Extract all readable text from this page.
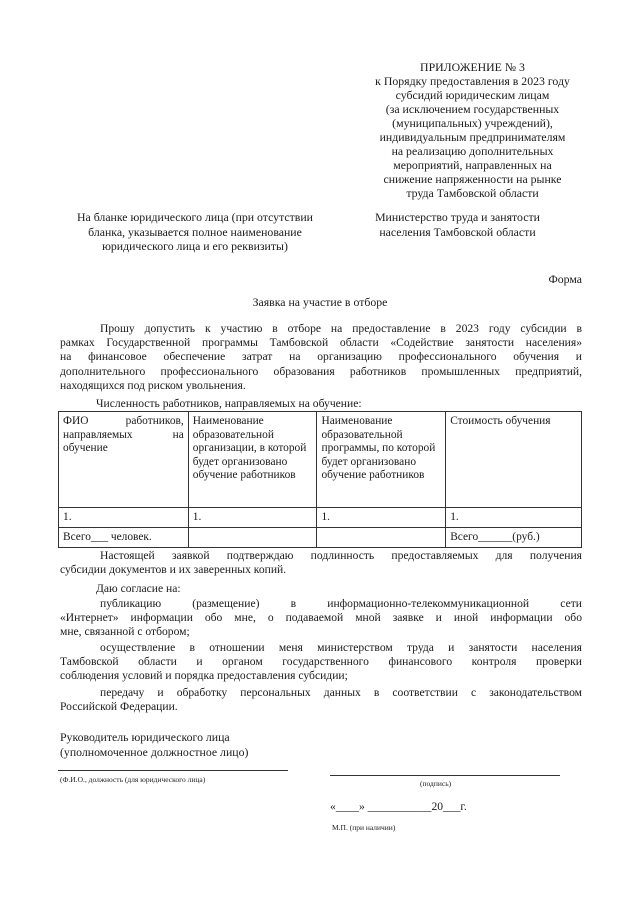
ПРИЛОЖЕНИЕ № 3
к Порядку предоставления в 2023 году
субсидий юридическим лицам
(за исключением государственных
(муниципальных) учреждений),
индивидуальным предпринимателям
на реализацию дополнительных
мероприятий, направленных на
снижение напряженности на рынке
труда Тамбовской области
На бланке юридического лица (при отсутствии
бланка, указывается полное наименование
юридического лица и его реквизиты)
Министерство труда и занятости
населения Тамбовской области
Форма
Заявка на участие в отборе
Прошу допустить к участию в отборе на предоставление в 2023 году субсидии в
рамках Государственной программы Тамбовской области «Содействие занятости населения»
на финансовое обеспечение затрат на организацию профессионального обучения и
дополнительного профессионального образования работников промышленных предприятий,
находящихся под риском увольнения.
Численность работников, направляемых на обучение:
ФИО работников,
направляемых на
обучение	Наименование образовательной организации, в которой будет организовано обучение работников	Наименование образовательной программы, по которой будет организовано обучение работников	Стоимость обучения
1.	1.	1.	1.
Всего___ человек.			Всего______(руб.)
Настоящей заявкой подтверждаю подлинность предоставляемых для получения
субсидии документов и их заверенных копий.
Даю согласие на:
публикацию (размещение) в информационно-телекоммуникационной сети
«Интернет» информации обо мне, о подаваемой мной заявке и иной информации обо
мне, связанной с отбором;
осуществление в отношении меня министерством труда и занятости населения
Тамбовской области и органом государственного финансового контроля проверки
соблюдения условий и порядка предоставления субсидии;
передачу и обработку персональных данных в соответствии с законодательством
Российской Федерации.
Руководитель юридического лица
(уполномоченное должностное лицо)
(Ф.И.О., должность (для юридического лица)	(подпись)
«____» ___________20___г.
М.П. (при наличии)
